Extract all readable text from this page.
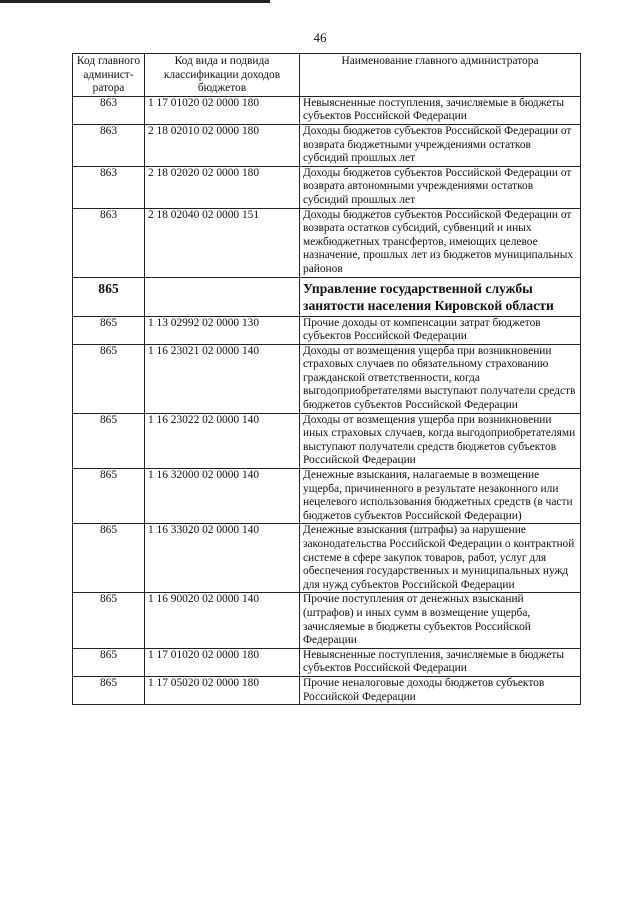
46
Код главного админист-ратора	Код вида и подвида классификации доходов бюджетов	Наименование главного администратора
863	1 17 01020 02 0000 180	Невыясненные поступления, зачисляемые в бюджеты субъектов Российской Федерации
863	2 18 02010 02 0000 180	Доходы бюджетов субъектов Российской Федерации от возврата бюджетными учреждениями остатков субсидий прошлых лет
863	2 18 02020 02 0000 180	Доходы бюджетов субъектов Российской Федерации от возврата автономными учреждениями остатков субсидий прошлых лет
863	2 18 02040 02 0000 151	Доходы бюджетов субъектов Российской Федерации от возврата остатков субсидий, субвенций и иных межбюджетных трансфертов, имеющих целевое назначение, прошлых лет из бюджетов муниципальных районов
865		Управление государственной службы занятости населения Кировской области
865	1 13 02992 02 0000 130	Прочие доходы от компенсации затрат бюджетов субъектов Российской Федерации
865	1 16 23021 02 0000 140	Доходы от возмещения ущерба при возникновении страховых случаев по обязательному страхованию гражданской ответственности, когда выгодоприобретателями выступают получатели средств бюджетов субъектов Российской Федерации
865	1 16 23022 02 0000 140	Доходы от возмещения ущерба при возникновении иных страховых случаев, когда выгодоприобретателями выступают получатели средств бюджетов субъектов Российской Федерации
865	1 16 32000 02 0000 140	Денежные взыскания, налагаемые в возмещение ущерба, причиненного в результате незаконного или нецелевого использования бюджетных средств (в части бюджетов субъектов Российской Федерации)
865	1 16 33020 02 0000 140	Денежные взыскания (штрафы) за нарушение законодательства Российской Федерации о контрактной системе в сфере закупок товаров, работ, услуг для обеспечения государственных и муниципальных нужд для нужд субъектов Российской Федерации
865	1 16 90020 02 0000 140	Прочие поступления от денежных взысканий (штрафов) и иных сумм в возмещение ущерба, зачисляемые в бюджеты субъектов Российской Федерации
865	1 17 01020 02 0000 180	Невыясненные поступления, зачисляемые в бюджеты субъектов Российской Федерации
865	1 17 05020 02 0000 180	Прочие неналоговые доходы бюджетов субъектов Российской Федерации
